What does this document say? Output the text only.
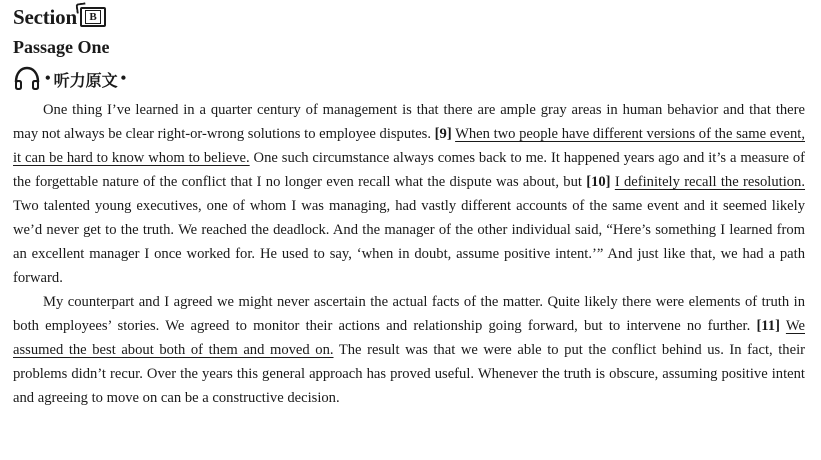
Section	B
Passage One
• 听力原文 •

One thing I’ve learned in a quarter century of management is that there are ample gray areas in human behavior and that there may not always be clear right-or-wrong solutions to employee disputes. [9] When two people have different versions of the same event, it can be hard to know whom to believe. One such circumstance always comes back to me. It happened years ago and it’s a measure of the forgettable nature of the conflict that I no longer even recall what the dispute was about, but [10] I definitely recall the resolution. Two talented young executives, one of whom I was managing, had vastly different accounts of the same event and it seemed likely we’d never get to the truth. We reached the deadlock. And the manager of the other individual said, “Here’s something I learned from an excellent manager I once worked for. He used to say, ‘when in doubt, assume positive intent.’” And just like that, we had a path forward.

My counterpart and I agreed we might never ascertain the actual facts of the matter. Quite likely there were elements of truth in both employees’ stories. We agreed to monitor their actions and relationship going forward, but to intervene no further. [11] We assumed the best about both of them and moved on. The result was that we were able to put the conflict behind us. In fact, their problems didn’t recur. Over the years this general approach has proved useful. Whenever the truth is obscure, assuming positive intent and agreeing to move on can be a constructive decision.
